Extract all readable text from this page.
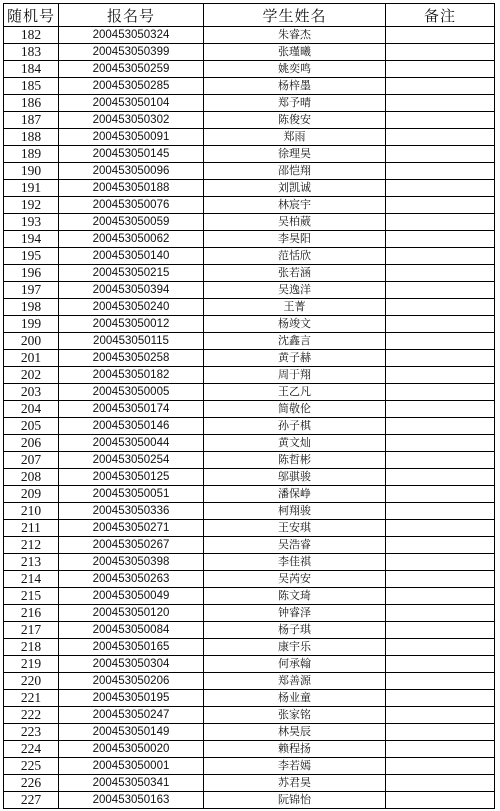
随机号	报名号	学生姓名	备注
182	200453050324	朱睿杰	
183	200453050399	张瑾曦	
184	200453050259	姚奕鸣	
185	200453050285	杨梓墨	
186	200453050104	郑予晴	
187	200453050302	陈俊安	
188	200453050091	郑雨	
189	200453050145	徐理昊	
190	200453050096	邵恺翔	
191	200453050188	刘凯诚	
192	200453050076	林宸宇	
193	200453050059	吴柏葳	
194	200453050062	李昊阳	
195	200453050140	范恬欣	
196	200453050215	张若涵	
197	200453050394	吴逸洋	
198	200453050240	王菁	
199	200453050012	杨竣文	
200	200453050115	沈鑫言	
201	200453050258	黄子赫	
202	200453050182	周于翔	
203	200453050005	王乙凡	
204	200453050174	简敬伦	
205	200453050146	孙子棋	
206	200453050044	黄文灿	
207	200453050254	陈哲彬	
208	200453050125	邬骐骏	
209	200453050051	潘保峥	
210	200453050336	柯翔骏	
211	200453050271	王安琪	
212	200453050267	吴浩睿	
213	200453050398	李佳祺	
214	200453050263	吴芮安	
215	200453050049	陈文琦	
216	200453050120	钟睿泽	
217	200453050084	杨子琪	
218	200453050165	康宇乐	
219	200453050304	何承翰	
220	200453050206	郑善源	
221	200453050195	杨业童	
222	200453050247	张家铭	
223	200453050149	林昊辰	
224	200453050020	赖程扬	
225	200453050001	李若嫣	
226	200453050341	苏君昊	
227	200453050163	阮锦怡	
